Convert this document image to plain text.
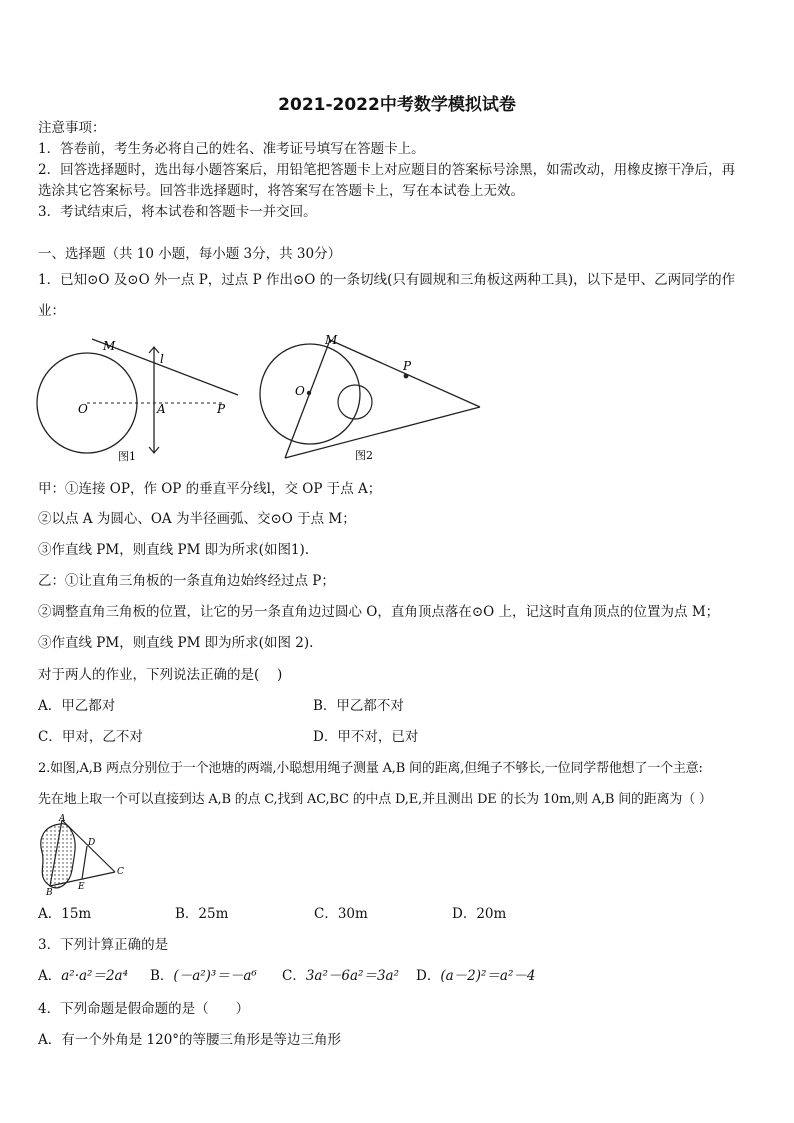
2021-2022中考数学模拟试卷
注意事项：
1．答卷前，考生务必将自己的姓名、准考证号填写在答题卡上。
2．回答选择题时，选出每小题答案后，用铅笔把答题卡上对应题目的答案标号涂黑，如需改动，用橡皮擦干净后，再
选涂其它答案标号。回答非选择题时，将答案写在答题卡上，写在本试卷上无效。
3．考试结束后，将本试卷和答题卡一并交回。
一、选择题（共 10 小题，每小题 3分，共 30分）
1．已知⊙O 及⊙O 外一点 P，过点 P 作出⊙O 的一条切线(只有圆规和三角板这两种工具)，以下是甲、乙两同学的作
业：
M
l
O	A	P
图1
M
O
P
图2
甲：①连接 OP，作 OP 的垂直平分线l，交 OP 于点 A；
②以点 A 为圆心、OA 为半径画弧、交⊙O 于点 M；
③作直线 PM，则直线 PM 即为所求(如图1).
乙：①让直角三角板的一条直角边始终经过点 P；
②调整直角三角板的位置，让它的另一条直角边过圆心 O，直角顶点落在⊙O 上，记这时直角顶点的位置为点 M；
③作直线 PM，则直线 PM 即为所求(如图 2).
对于两人的作业，下列说法正确的是(　 )
A．甲乙都对	B．甲乙都不对
C．甲对，乙不对	D．甲不对，已对
2.如图,A,B 两点分别位于一个池塘的两端,小聪想用绳子测量 A,B 间的距离,但绳子不够长,一位同学帮他想了一个主意:
先在地上取一个可以直接到达 A,B 的点 C,找到 AC,BC 的中点 D,E,并且测出 DE 的长为 10m,则 A,B 间的距离为（ ）
A
B
C
D
E
A．15m	B．25m	C．30m	D．20m
3．下列计算正确的是
A．a²·a²＝2a⁴ B．(－a²)³＝－a⁶ C．3a²－6a²＝3a² D．(a－2)²＝a²－4
4．下列命题是假命题的是（　　）
A．有一个外角是 120°的等腰三角形是等边三角形
